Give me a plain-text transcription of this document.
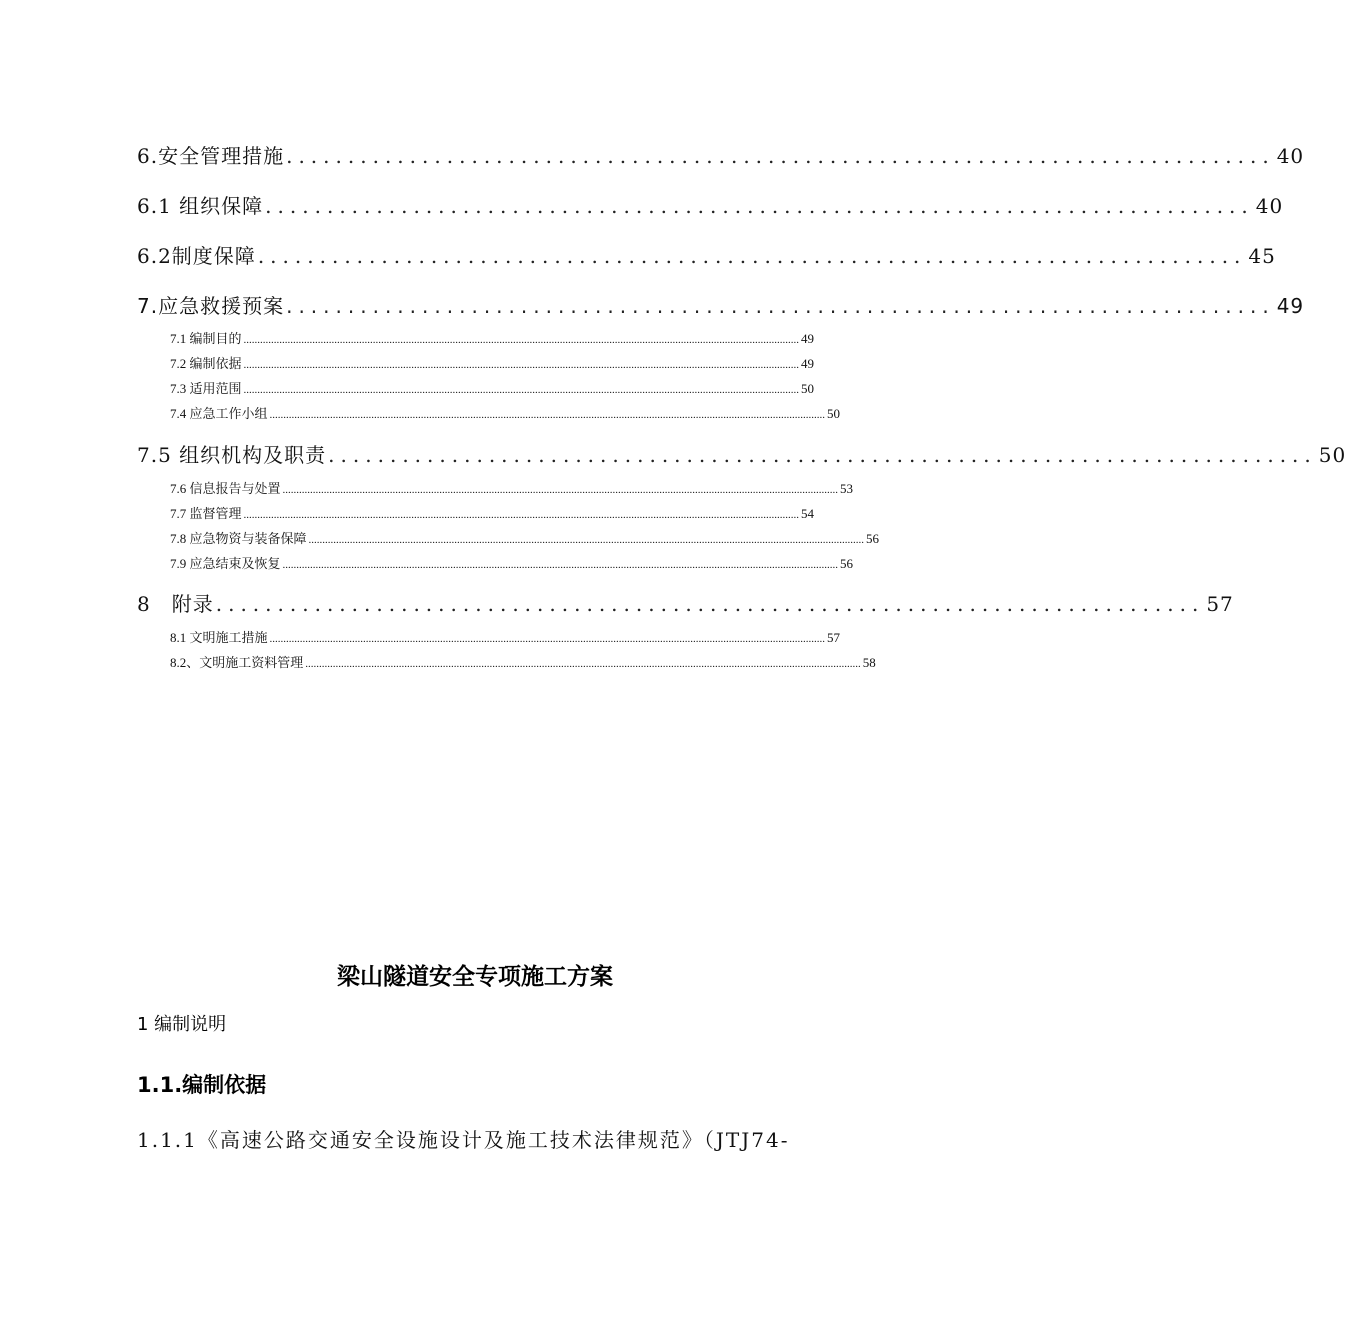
6.安全管理措施 ................................................................................ 40
6.1 组织保障 ................................................................................ 40
6.2制度保障 ................................................................................ 45
7.应急救援预案 ................................................................................ 49
7.1 编制目的 .......................................................................................................................................................................................................... 49
7.2 编制依据 .......................................................................................................................................................................................................... 49
7.3 适用范围 .......................................................................................................................................................................................................... 50
7.4 应急工作小组 .......................................................................................................................................................................................................... 50
7.5 组织机构及职责 ................................................................................ 50
7.6 信息报告与处置 .......................................................................................................................................................................................................... 53
7.7 监督管理 .......................................................................................................................................................................................................... 54
7.8 应急物资与装备保障 .......................................................................................................................................................................................................... 56
7.9 应急结束及恢复 .......................................................................................................................................................................................................... 56
8　附录 ................................................................................ 57
8.1 文明施工措施 .......................................................................................................................................................................................................... 57
8.2、文明施工资料管理 .......................................................................................................................................................................................................... 58
梁山隧道安全专项施工方案
1 编制说明
1.1.编制依据
1.1.1《高速公路交通安全设施设计及施工技术法律规范》（JTJ74-
